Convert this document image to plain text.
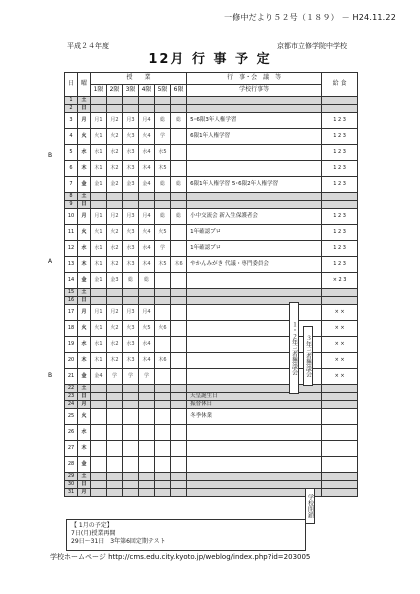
一修中だより５２号（１８９） － H24.11.22
平成２４年度
12月 行 事 予 定
京都市立修学院中学校
日	曜	授　　業						行　事・会　議　等	給 食
		1限	2限	3限	4限	5限	6限	学校行事等	
1	土								
2	日								
3	月	月1	月2	月3	月4	総	総	5･6限3年人権学習	1 2 3
4	火	火1	火2	火3	火4	学		6限1年人権学習	1 2 3
5	水	水1	水2	水3	水4	水5			1 2 3
6	木	木1	木2	木3	木4	木5			1 2 3
7	金	金1	金2	金3	金4	総	総	6限1年人権学習 5･6限2年人権学習	1 2 3
8	土								
9	日								
10	月	月1	月2	月3	月4	総	総	小中交流会 新入生保護者会	1 2 3
11	火	火1	火2	火3	火4	火5		1年確認プロ	1 2 3
12	水	水1	水2	水3	水4	学		1年確認プロ	1 2 3
13	木	木1	木2	木3	木4	木5	木6	やかんみがき 代議・専門委員会	1 2 3
14	金	金1	金3	総	総				× 2 3
15	土								
16	日								
17	月	月1	月2	月3	月4				× ×
18	火	火1	火2	火3	火5	火6			× ×
19	水	水1	水2	水3	水4				× ×
20	木	木1	木2	木3	木4	木6			× ×
21	金	金4	学	学	学				× ×
22	土								
23	日							天皇誕生日	
24	月							振替休日	
25	火							冬季休業	
26	水								
27	木								
28	金								
29	土								
30	日								
31	月								
B
A
B
１・２年三者懇談会 ３年三者懇談会
学校閉鎖
【 1月の予定】
7日(月)授業再開
29日～31日　3年第6回定期テスト
学校ホームページ http://cms.edu.city.kyoto.jp/weblog/index.php?id=203005
